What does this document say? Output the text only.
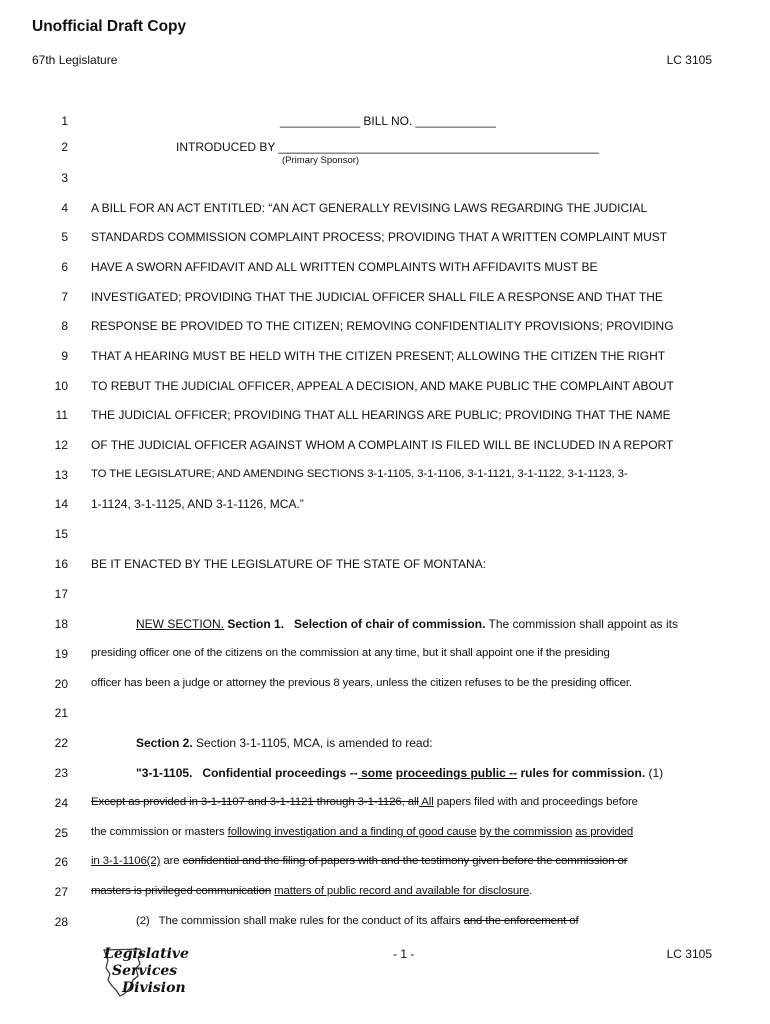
Unofficial Draft Copy
67th Legislature	LC 3105
1
2
3
4
5
6
7
8
9
10
11
12
13
14
15
16
17
18
19
20
21
22
23
24
25
26
27
28
____________ BILL NO. ____________
INTRODUCED BY ________________________________________________
(Primary Sponsor)
A BILL FOR AN ACT ENTITLED: “AN ACT GENERALLY REVISING LAWS REGARDING THE JUDICIAL
STANDARDS COMMISSION COMPLAINT PROCESS; PROVIDING THAT A WRITTEN COMPLAINT MUST
HAVE A SWORN AFFIDAVIT AND ALL WRITTEN COMPLAINTS WITH AFFIDAVITS MUST BE
INVESTIGATED; PROVIDING THAT THE JUDICIAL OFFICER SHALL FILE A RESPONSE AND THAT THE
RESPONSE BE PROVIDED TO THE CITIZEN; REMOVING CONFIDENTIALITY PROVISIONS; PROVIDING
THAT A HEARING MUST BE HELD WITH THE CITIZEN PRESENT; ALLOWING THE CITIZEN THE RIGHT
TO REBUT THE JUDICIAL OFFICER, APPEAL A DECISION, AND MAKE PUBLIC THE COMPLAINT ABOUT
THE JUDICIAL OFFICER; PROVIDING THAT ALL HEARINGS ARE PUBLIC; PROVIDING THAT THE NAME
OF THE JUDICIAL OFFICER AGAINST WHOM A COMPLAINT IS FILED WILL BE INCLUDED IN A REPORT
TO THE LEGISLATURE; AND AMENDING SECTIONS 3-1-1105, 3-1-1106, 3-1-1121, 3-1-1122, 3-1-1123, 3-
1-1124, 3-1-1125, AND 3-1-1126, MCA.”
BE IT ENACTED BY THE LEGISLATURE OF THE STATE OF MONTANA:
NEW SECTION. Section 1.   Selection of chair of commission. The commission shall appoint as its
presiding officer one of the citizens on the commission at any time, but it shall appoint one if the presiding
officer has been a judge or attorney the previous 8 years, unless the citizen refuses to be the presiding officer.
Section 2. Section 3-1-1105, MCA, is amended to read:
"3-1-1105.   Confidential proceedings -- some proceedings public -- rules for commission. (1)
Except as provided in 3-1-1107 and 3-1-1121 through 3-1-1126, all All papers filed with and proceedings before
the commission or masters following investigation and a finding of good cause by the commission as provided
in 3-1-1106(2) are confidential and the filing of papers with and the testimony given before the commission or
masters is privileged communication matters of public record and available for disclosure.
(2)   The commission shall make rules for the conduct of its affairs and the enforcement of
Legislative
Services
Division
- 1 -	LC 3105
